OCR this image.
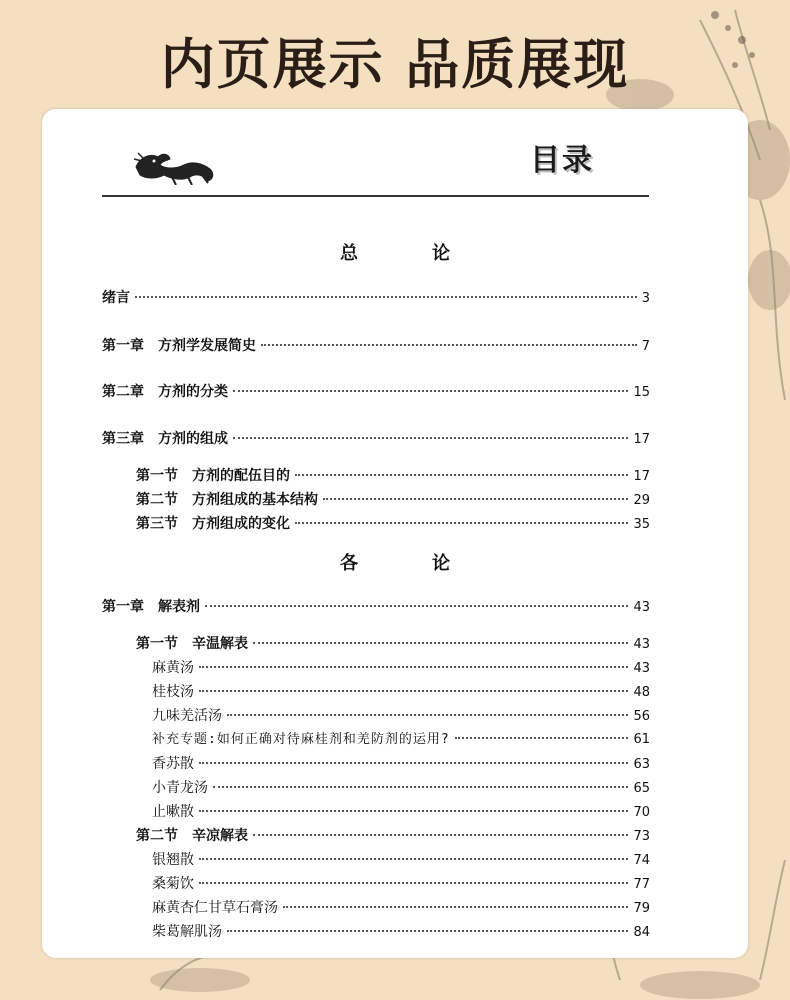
内页展示 品质展现
目录
总　论
绪言	3
第一章　方剂学发展简史	7
第二章　方剂的分类	15
第三章　方剂的组成	17
第一节　方剂的配伍目的	17
第二节　方剂组成的基本结构	29
第三节　方剂组成的变化	35
各　论
第一章　解表剂	43
第一节　辛温解表	43
麻黄汤	43
桂枝汤	48
九味羌活汤	56
补充专题:如何正确对待麻桂剂和羌防剂的运用?	61
香苏散	63
小青龙汤	65
止嗽散	70
第二节　辛凉解表	73
银翘散	74
桑菊饮	77
麻黄杏仁甘草石膏汤	79
柴葛解肌汤	84
